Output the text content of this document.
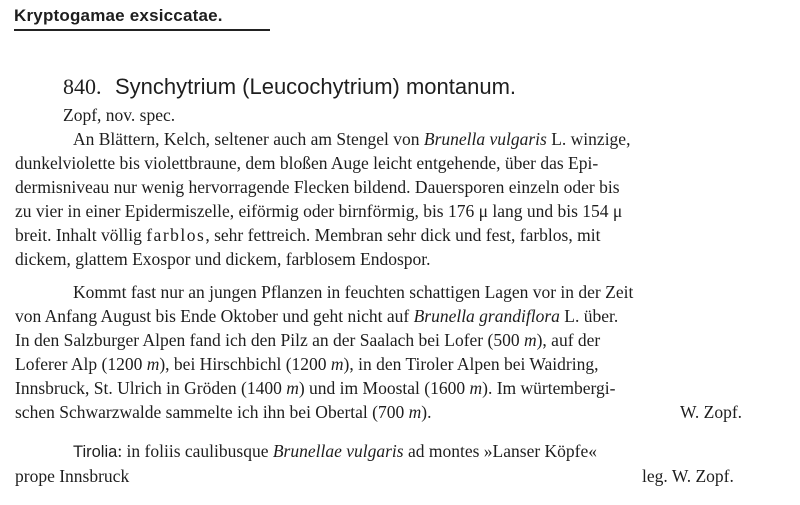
Kryptogamae exsiccatae.
840. Synchytrium (Leucochytrium) montanum.
Zopf, nov. spec.
An Blättern, Kelch, seltener auch am Stengel von Brunella vulgaris L. winzige,
dunkelviolette bis violettbraune, dem bloßen Auge leicht entgehende, über das Epi-
dermisniveau nur wenig hervorragende Flecken bildend. Dauersporen einzeln oder bis
zu vier in einer Epidermiszelle, eiförmig oder birnförmig, bis 176 μ lang und bis 154 μ
breit. Inhalt völlig farblos, sehr fettreich. Membran sehr dick und fest, farblos, mit
dickem, glattem Exospor und dickem, farblosem Endospor.
Kommt fast nur an jungen Pflanzen in feuchten schattigen Lagen vor in der Zeit
von Anfang August bis Ende Oktober und geht nicht auf Brunella grandiflora L. über.
In den Salzburger Alpen fand ich den Pilz an der Saalach bei Lofer (500 m), auf der
Loferer Alp (1200 m), bei Hirschbichl (1200 m), in den Tiroler Alpen bei Waidring,
Innsbruck, St. Ulrich in Gröden (1400 m) und im Moostal (1600 m). Im würtembergi-
schen Schwarzwalde sammelte ich ihn bei Obertal (700 m).	W. Zopf.
Tirolia: in foliis caulibusque Brunellae vulgaris ad montes »Lanser Köpfe«
prope Innsbruck	leg. W. Zopf.
